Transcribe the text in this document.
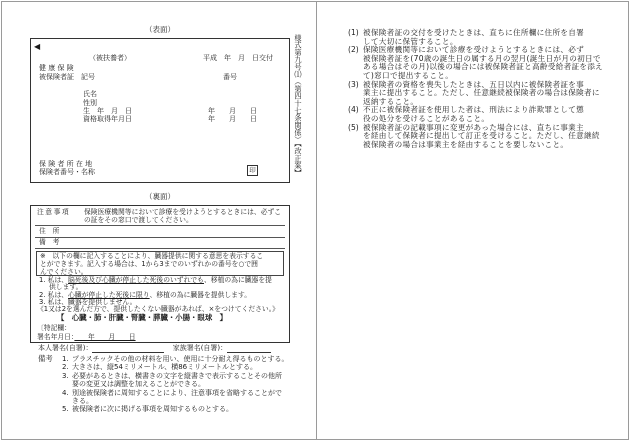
（表面）
◀
（被扶養者）	平成　年　月　日交付
健 康 保 険
被保険者証　記号	番号
氏名
性別
生　年　月　日	年　　月　　日
資格取得年月日	年　　月　　日
保 険 者 所 在 地
保険者番号・名称	印	様式第九号⑴（第四十七条関係）【改正案】
（裏面）
注意事項 保険医療機関等において診療を受けようとするときには、必ずこ
の証をその窓口で渡してください。
住　所
備　考
※　以下の欄に記入することにより、臓器提供に関する意思を表示するこ
とができます。記入する場合は、1から3までのいずれかの番号を○で囲
んでください。
1. 私は、脳死後及び心臓が停止した死後のいずれでも、移植の為に臓器を提
供します。
2. 私は、心臓が停止した死後に限り、移植の為に臓器を提供します。
3. 私は、臓器を提供しません。
《1又は2を選んだ方で、提供したくない臓器があれば、×をつけてください。》
【　心臓・肺・肝臓・腎臓・膵臓・小腸・眼球　】
〔特記欄：
署名年月日：　　年　　月　　日
本人署名(自署)：	家族署名(自署)：
備考	1. プラスチックその他の材料を用い、使用に十分耐え得るものとする。
2. 大きさは、縦54ミリメートル、横86ミリメートルとする。
3. 必要があるときは、横書きの文字を縦書きで表示することその他所
要の変更又は調整を加えることができる。
4. 別途被保険者に周知することにより、注意事項を省略することがで
きる。
5. 被保険者に次に掲げる事項を周知するものとする。
(1) 被保険者証の交付を受けたときは、直ちに住所欄に住所を自署
して大切に保管すること。
(2) 保険医療機関等において診療を受けようとするときには、必ず
被保険者証を(70歳の誕生日の属する月の翌月(誕生日が月の初日で
ある場合はその月)以後の場合には被保険者証と高齢受給者証を添え
て)窓口で提出すること。
(3) 被保険者の資格を喪失したときは、五日以内に被保険者証を事
業主に提出すること。ただし、任意継続被保険者の場合は保険者に
返納すること。
(4) 不正に被保険者証を使用した者は、刑法により詐欺罪として懲
役の処分を受けることがあること。
(5) 被保険者証の記載事項に変更があった場合には、直ちに事業主
を経由して保険者に提出して訂正を受けること。ただし、任意継続
被保険者の場合は事業主を経由することを要しないこと。
